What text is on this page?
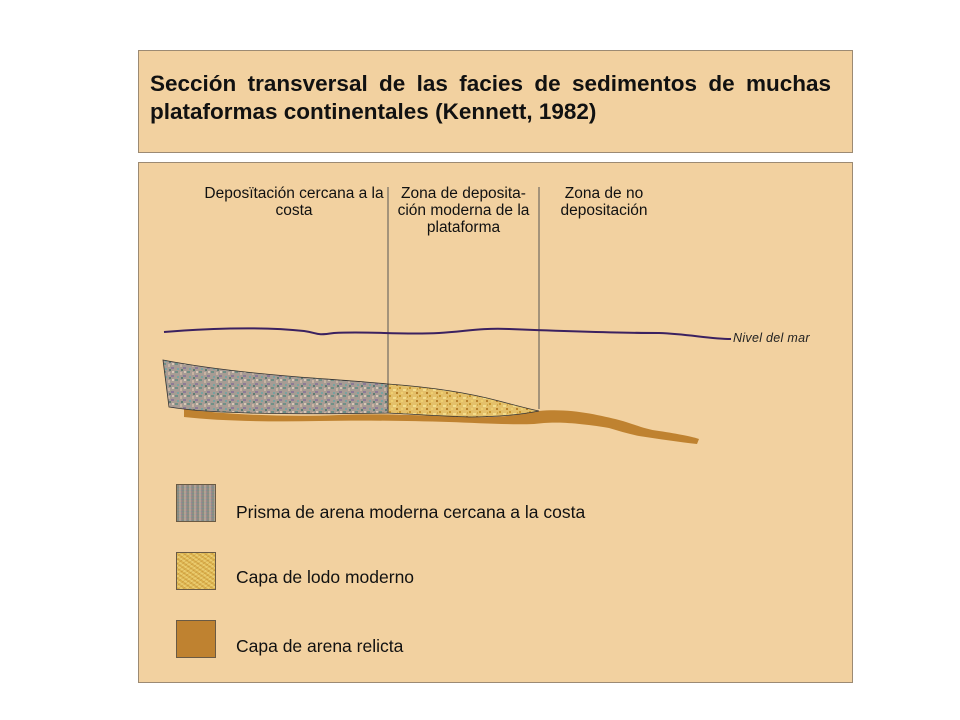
Sección transversal de las facies de sedimentos de muchas plataformas continentales (Kennett, 1982)
Deposïtación cercana a la costa
Zona de deposita- ción moderna de la plataforma
Zona de no depositación
Nivel del mar
Prisma de arena moderna cercana a la costa
Capa de lodo moderno
Capa de arena relicta
